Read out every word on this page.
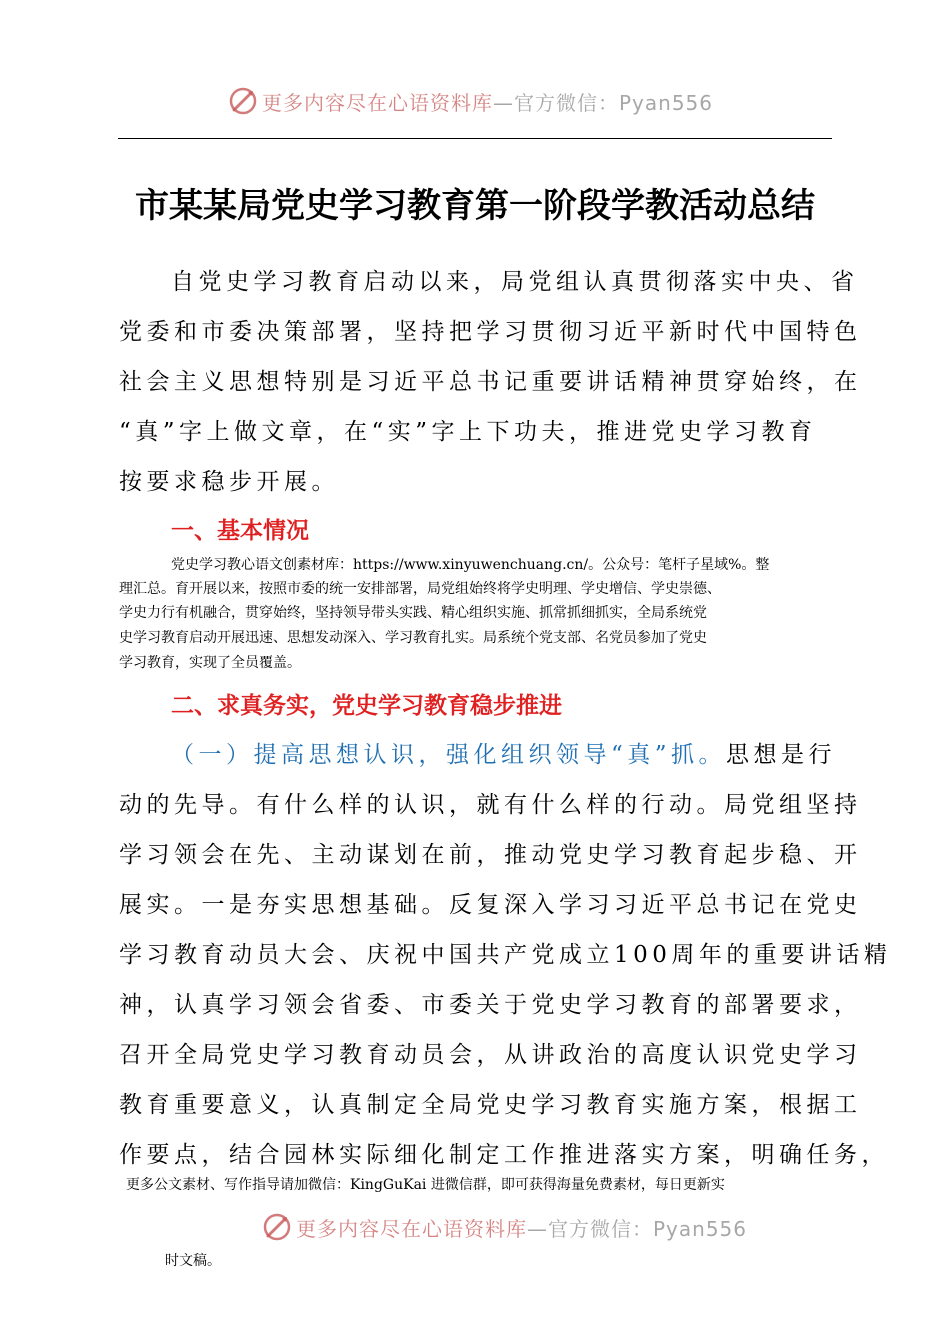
更多内容尽在心语资料库—官方微信：Pyan556
市某某局党史学习教育第一阶段学教活动总结
自党史学习教育启动以来，局党组认真贯彻落实中央、省
党委和市委决策部署，坚持把学习贯彻习近平新时代中国特色
社会主义思想特别是习近平总书记重要讲话精神贯穿始终，在
“真”字上做文章，在“实”字上下功夫，推进党史学习教育
按要求稳步开展。
一、基本情况
党史学习教心语文创素材库：https://www.xinyuwenchuang.cn/。公众号：笔杆子星域%。整
理汇总。育开展以来，按照市委的统一安排部署，局党组始终将学史明理、学史增信、学史崇德、
学史力行有机融合，贯穿始终，坚持领导带头实践、精心组织实施、抓常抓细抓实，全局系统党
史学习教育启动开展迅速、思想发动深入、学习教育扎实。局系统个党支部、名党员参加了党史
学习教育，实现了全员覆盖。
二、求真务实，党史学习教育稳步推进
（一）提高思想认识，强化组织领导“真”抓。思想是行
动的先导。有什么样的认识，就有什么样的行动。局党组坚持
学习领会在先、主动谋划在前，推动党史学习教育起步稳、开
展实。一是夯实思想基础。反复深入学习习近平总书记在党史
学习教育动员大会、庆祝中国共产党成立100周年的重要讲话精
神，认真学习领会省委、市委关于党史学习教育的部署要求，
召开全局党史学习教育动员会，从讲政治的高度认识党史学习
教育重要意义，认真制定全局党史学习教育实施方案，根据工
作要点，结合园林实际细化制定工作推进落实方案，明确任务，
更多公文素材、写作指导请加微信：KingGuKai 进微信群，即可获得海量免费素材，每日更新实
更多内容尽在心语资料库—官方微信：Pyan556
时文稿。
